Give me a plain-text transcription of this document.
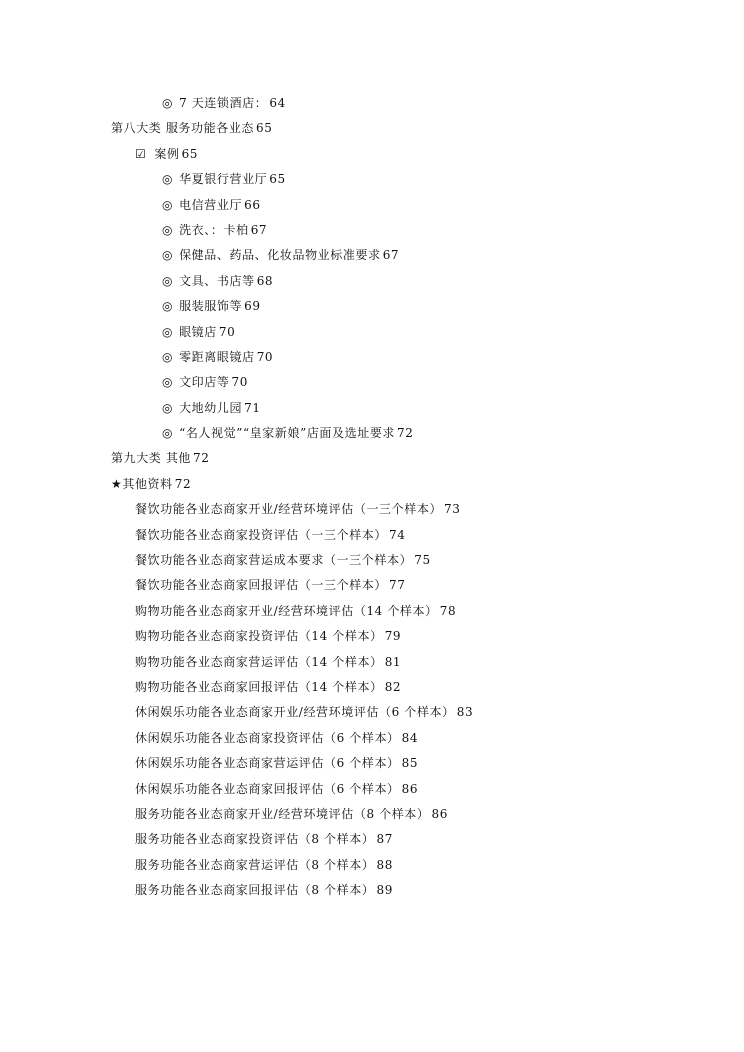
◎ 7 天连锁酒店： 64
第八大类 服务功能各业态 65
☑ 案例 65
◎ 华夏银行营业厅 65
◎ 电信营业厅 66
◎ 洗衣、：卡柏 67
◎ 保健品、药品、化妆品物业标准要求 67
◎ 文具、书店等 68
◎ 服装服饰等 69
◎ 眼镜店 70
◎ 零距离眼镜店 70
◎ 文印店等 70
◎ 大地幼儿园 71
◎ “名人视觉”“皇家新娘”店面及选址要求 72
第九大类 其他 72
★其他资料 72
餐饮功能各业态商家开业/经营环境评估（一三个样本） 73
餐饮功能各业态商家投资评估（一三个样本） 74
餐饮功能各业态商家营运成本要求（一三个样本） 75
餐饮功能各业态商家回报评估（一三个样本） 77
购物功能各业态商家开业/经营环境评估（14 个样本） 78
购物功能各业态商家投资评估（14 个样本） 79
购物功能各业态商家营运评估（14 个样本） 81
购物功能各业态商家回报评估（14 个样本） 82
休闲娱乐功能各业态商家开业/经营环境评估（6 个样本） 83
休闲娱乐功能各业态商家投资评估（6 个样本） 84
休闲娱乐功能各业态商家营运评估（6 个样本） 85
休闲娱乐功能各业态商家回报评估（6 个样本） 86
服务功能各业态商家开业/经营环境评估（8 个样本） 86
服务功能各业态商家投资评估（8 个样本） 87
服务功能各业态商家营运评估（8 个样本） 88
服务功能各业态商家回报评估（8 个样本） 89
